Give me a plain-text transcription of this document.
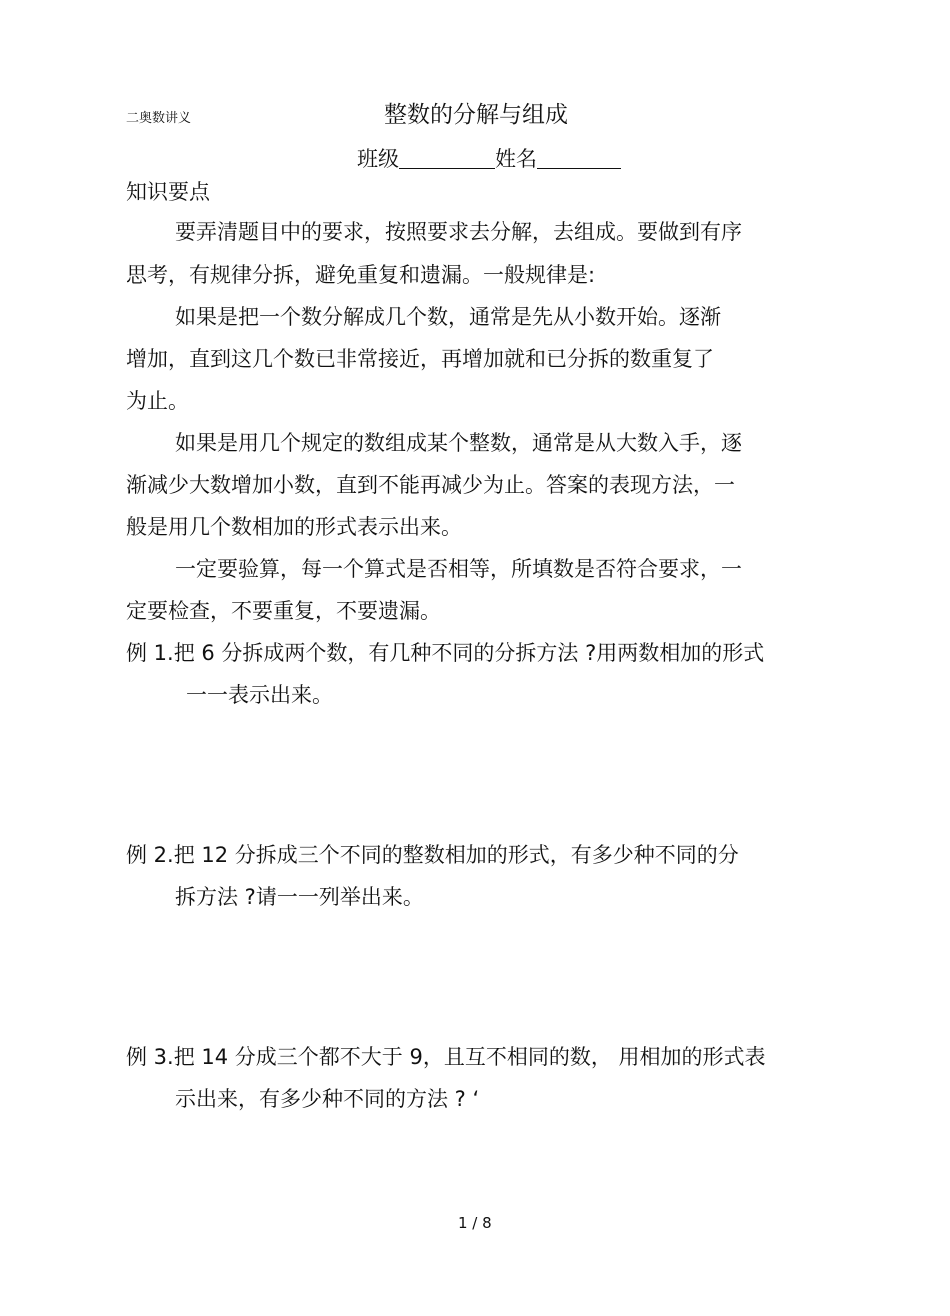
二奥数讲义	整数的分解与组成
班级	姓名
知识要点
要弄清题目中的要求，按照要求去分解，去组成。要做到有序
思考，有规律分拆，避免重复和遗漏。一般规律是:
如果是把一个数分解成几个数，通常是先从小数开始。逐渐
增加，直到这几个数已非常接近，再增加就和已分拆的数重复了
为止。
如果是用几个规定的数组成某个整数，通常是从大数入手，逐
渐减少大数增加小数，直到不能再减少为止。答案的表现方法，一
般是用几个数相加的形式表示出来。
一定要验算，每一个算式是否相等，所填数是否符合要求，一
定要检查，不要重复，不要遗漏。
例 1.把 6 分拆成两个数，有几种不同的分拆方法 ?用两数相加的形式
一一表示出来。
例 2.把 12 分拆成三个不同的整数相加的形式，有多少种不同的分
拆方法 ?请一一列举出来。
例 3.把 14 分成三个都不大于 9，且互不相同的数， 用相加的形式表
示出来，有多少种不同的方法 ? ‘
1 / 8
